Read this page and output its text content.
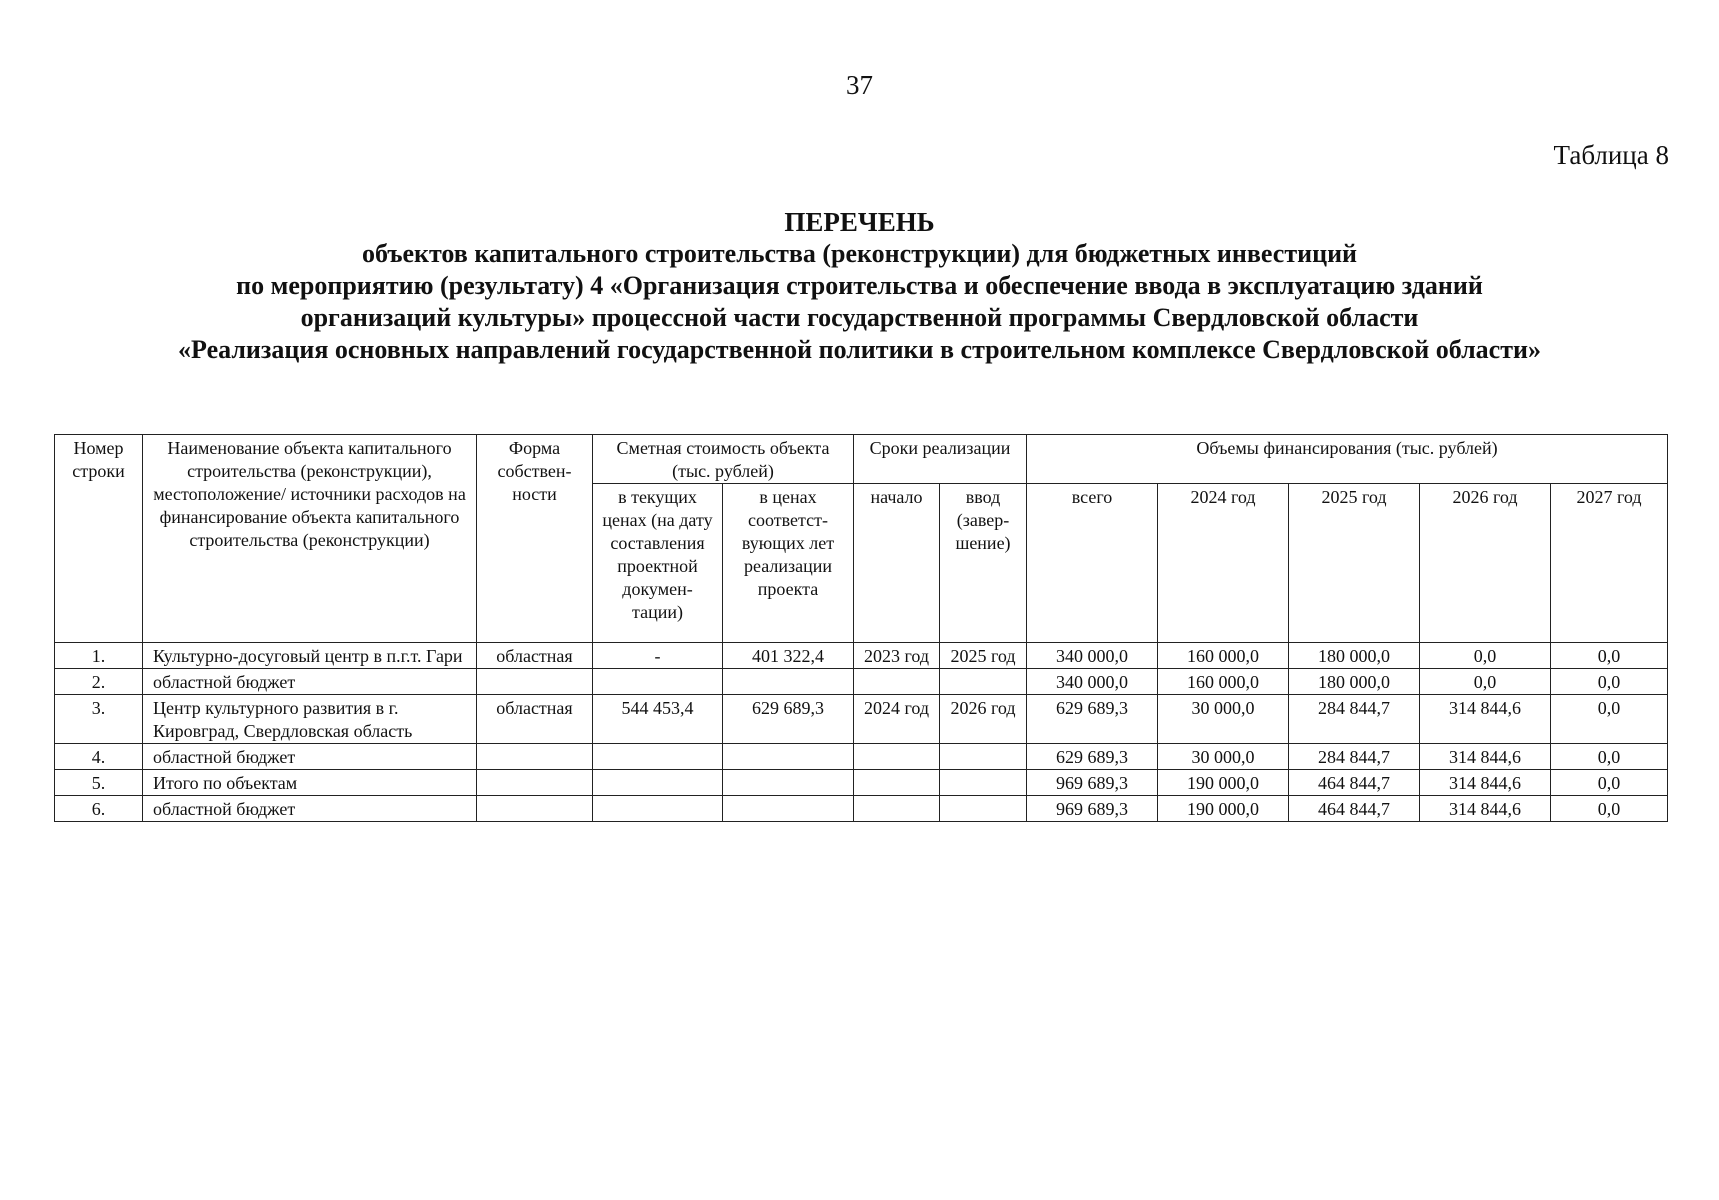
37
Таблица 8
ПЕРЕЧЕНЬ
объектов капитального строительства (реконструкции) для бюджетных инвестиций
по мероприятию (результату) 4 «Организация строительства и обеспечение ввода в эксплуатацию зданий
организаций культуры» процессной части государственной программы Свердловской области
«Реализация основных направлений государственной политики в строительном комплексе Свердловской области»
Номер строки	Наименование объекта капитального строительства (реконструкции), местоположение/ источники расходов на финансирование объекта капитального строительства (реконструкции)	Форма собствен- ности	Сметная стоимость объекта (тыс. рублей)		Сроки реализации		Объемы финансирования (тыс. рублей)				
			в текущих ценах (на дату составления проектной докумен- тации)	в ценах соответст- вующих лет реализации проекта	начало	ввод (завер- шение)	всего	2024 год	2025 год	2026 год	2027 год
1.	Культурно-досуговый центр в п.г.т. Гари	областная	-	401 322,4	2023 год	2025 год	340 000,0	160 000,0	180 000,0	0,0	0,0
2.	областной бюджет						340 000,0	160 000,0	180 000,0	0,0	0,0
3.	Центр культурного развития в г. Кировград, Свердловская область	областная	544 453,4	629 689,3	2024 год	2026 год	629 689,3	30 000,0	284 844,7	314 844,6	0,0
4.	областной бюджет						629 689,3	30 000,0	284 844,7	314 844,6	0,0
5.	Итого по объектам						969 689,3	190 000,0	464 844,7	314 844,6	0,0
6.	областной бюджет						969 689,3	190 000,0	464 844,7	314 844,6	0,0
